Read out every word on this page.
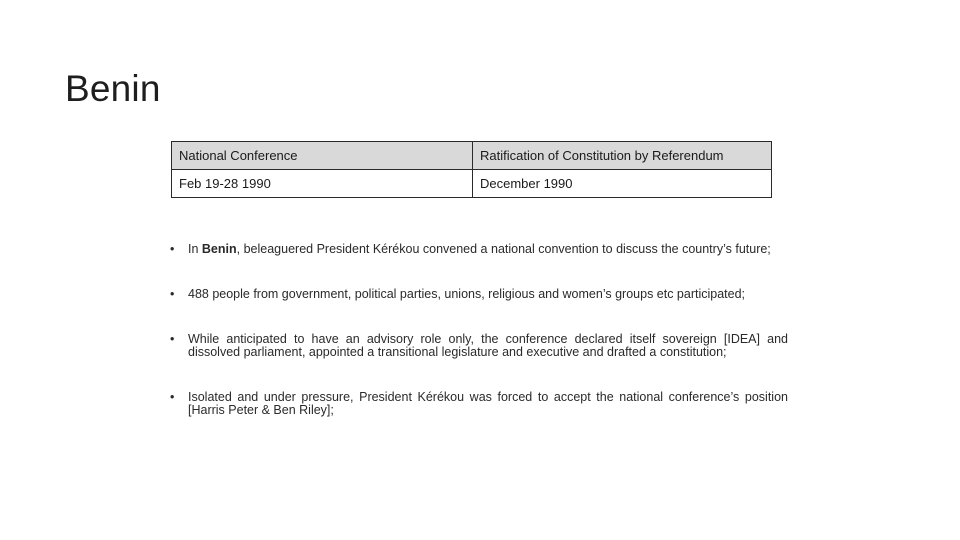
Benin
National Conference	Ratification of Constitution by Referendum
Feb 19-28 1990	December 1990
• In Benin, beleaguered President Kérékou convened a national convention to discuss the country’s future;
• 488 people from government, political parties, unions, religious and women’s groups etc participated;
• While anticipated to have an advisory role only, the conference declared itself sovereign [IDEA] and dissolved parliament, appointed a transitional legislature and executive and drafted a constitution;
• Isolated and under pressure, President Kérékou was forced to accept the national conference’s position [Harris Peter & Ben Riley];
